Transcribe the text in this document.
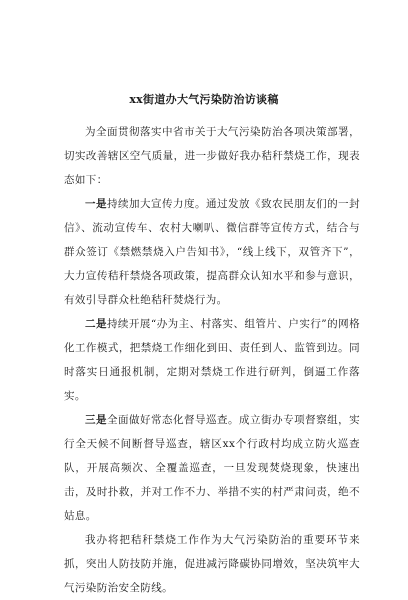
xx街道办大气污染防治访谈稿

为全面贯彻落实中省市关于大气污染防治各项决策部署，切实改善辖区空气质量，进一步做好我办秸秆禁烧工作，现表态如下：

一是持续加大宣传力度。通过发放《致农民朋友们的一封信》、流动宣传车、农村大喇叭、微信群等宣传方式，结合与群众签订《禁燃禁烧入户告知书》，“线上线下，双管齐下”，大力宣传秸秆禁烧各项政策，提高群众认知水平和参与意识，有效引导群众杜绝秸秆焚烧行为。

二是持续开展“办为主、村落实、组管片、户实行”的网格化工作模式，把禁烧工作细化到田、责任到人、监管到边。同时落实日通报机制，定期对禁烧工作进行研判，倒逼工作落实。

三是全面做好常态化督导巡查。成立街办专项督察组，实行全天候不间断督导巡查，辖区xx个行政村均成立防火巡查队，开展高频次、全覆盖巡查，一旦发现焚烧现象，快速出击，及时扑救，并对工作不力、举措不实的村严肃问责，绝不姑息。

我办将把秸秆禁烧工作作为大气污染防治的重要环节来抓，突出人防技防并施，促进减污降碳协同增效，坚决筑牢大气污染防治安全防线。
